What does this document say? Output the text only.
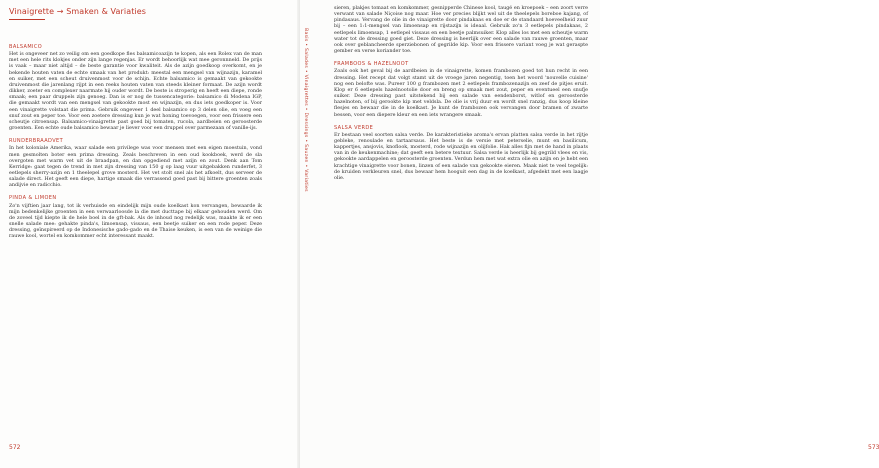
Vinaigrette → Smaken & Variaties
BALSAMICO

Het is ongeveer net zo veilig om een goedkope fles balsamicoazijn te kopen, als een Rolex van de man met een hele rits klokjes onder zijn lange regenjas. Er wordt behoorlijk wat mee geronnneld. De prijs is vaak – maar niet altijd – de beste garantie voor kwaliteit. Als de azijn goedkoop overkomt, en je bekende houten vaten de echte smaak van het produkt: meestal een mengsel van wijnazijn, karamel en suiker, met een scheut druivenmost voor de schijn. Echte balsamico is gemaakt van gekookte druivenmost die jarenlang rijpt in een reeks houten vaten van steeds kleiner formaat. De azijn wordt dikker, zoeter en complexer naarmate hij ouder wordt. De beste is stroperig en heeft een diepe, ronde smaak; een paar druppels zijn genoeg. Dan is er nog de tussencategorie: balsamico di Modena IGP, die gemaakt wordt van een mengsel van gekookte most en wijnazijn, en dus iets goedkoper is. Voor een vinaigrette volstaat die prima. Gebruik ongeveer 1 deel balsamico op 3 delen olie, en voeg een snuf zout en peper toe. Voor een zoetere dressing kun je wat honing toevoegen, voor een frissere een scheutje citroensap. Balsamico-vinaigrette past goed bij tomaten, rucola, aardbeien en geroosterde groenten. Een echte oude balsamico bewaar je liever voor een druppel over parmezaan of vanille-ijs.

RUNDERBRAADVET

In het koloniale Amerika, waar salade een privilege was voor mensen met een eigen moestuin, vond men gesmolten boter een prima dressing. Zeals beschreven in een oud kookboek, werd de sla overgoten met warm vet uit de braadpan, en dan opgediend met azijn en zout. Denk aan Tom Kerridge: gaat tegen de trend in met zijn dressing van 150 g op laag vuur uitgebakken runderfet, 3 eetlepels sherry-azijn en 1 theelepel grove mosterd. Het vet stolt snel als het afkoelt, dus serveer de salade direct. Het geeft een diepe, hartige smaak die verrassend goed past bij bittere groenten zoals andijvie en radicchio.

PINDA & LIMOEN

Zo'n vijftien jaar lang, tot ik verhuisde en eindelijk mijn oude koelkast kon vervangen, bewaarde ik mijn bedenkelijke groenten in een verwaarloosde la die met ducttape bij elkaar gehouden werd. Om de zoveel tijd kiepte ik de hele boel in de gft-bak. Als de inhoud nog redelijk was, maakte ik er een snelle salade mee: gehakte pinda's, limoensap, vissaus, een beetje suiker en een rode peper. Deze dressing, geïnspireerd op de Indonesische gado-gado en de Thaise keuken, is een van de weinige die rauwe kool, wortel en komkommer echt interessant maakt.

572	573
Basis • Salades • Vinaigrettes • Dressings • Sauzen • Variaties

sieren, plakjes tomaat en komkommer, gesnipperde Chinese kool, taugé en kroepoek – een zoort verre verwant van salade Niçoise nog maar. Hoe ver precies blijkt wel uit de theelepels boreboe kajang, of pindasaus. Vervang de olie in de vinaigrette door pindakaas en doe er de standaard hoeveelheid zuur bij – een 1:1-mengsel van limoensap en rijstazijn is ideaal. Gebruik zo'n 3 eetlepels pindakaas, 2 eetlepels limoensap, 1 eetlepel vissaus en een beetje palmsuiker. Klop alles los met een scheutje warm water tot de dressing goed giet. Deze dressing is heerlijk over een salade van rauwe groenten, maar ook over geblancheerde sperziebonen of gegrilde kip. Voor een frissere variant voeg je wat geraspte gember en verse koriander toe.

FRAMBOOS & HAZELNOOT

Zoals ook het geval bij de aardbeien in de vinaigrette, komen frambozen goed tot hun recht in een dressing. Het recept dat volgt stamt uit de vroege jaren negentig, toen het woord 'nouvelle cuisine' nog een belofte was. Pureer 100 g frambozen met 2 eetlepels frambozenazijn en zeef de pitjes eruit. Klop er 6 eetlepels hazelnootolie door en breng op smaak met zout, peper en eventueel een snufje suiker. Deze dressing past uitstekend bij een salade van eendenborst, witlof en geroosterde hazelnoten, of bij gerookte kip met veldsla. De olie is vrij duur en wordt snel ranzig, dus koop kleine flesjes en bewaar die in de koelkast. Je kunt de frambozen ook vervangen door bramen of zwarte bessen, voor een diepere kleur en een iets wrangere smaak.

SALSA VERDE

Er bestaan veel soorten salsa verde. De karakteristieke aroma's ervan platten salsa verde in het rijtje gebleke, renoulade en tartaarsaus. Het beste is de versie met peterselie, munt en basilicum, kappertjes, ansjovis, knoflook, mosterd, rode wijnazijn en olijfolie. Hak alles fijn met de hand in plaats van in de keukenmachine; dat geeft een betere textuur. Salsa verde is heerlijk bij gegrild vlees en vis, gekookte aardappelen en geroosterde groenten. Verdun hem met wat extra olie en azijn en je hebt een krachtige vinaigrette voor bonen, linzen of een salade van gekookte eieren. Maak niet te veel tegelijk: de kruiden verkleuren snel, dus bewaar hem hooguit een dag in de koelkast, afgedekt met een laagje olie.
